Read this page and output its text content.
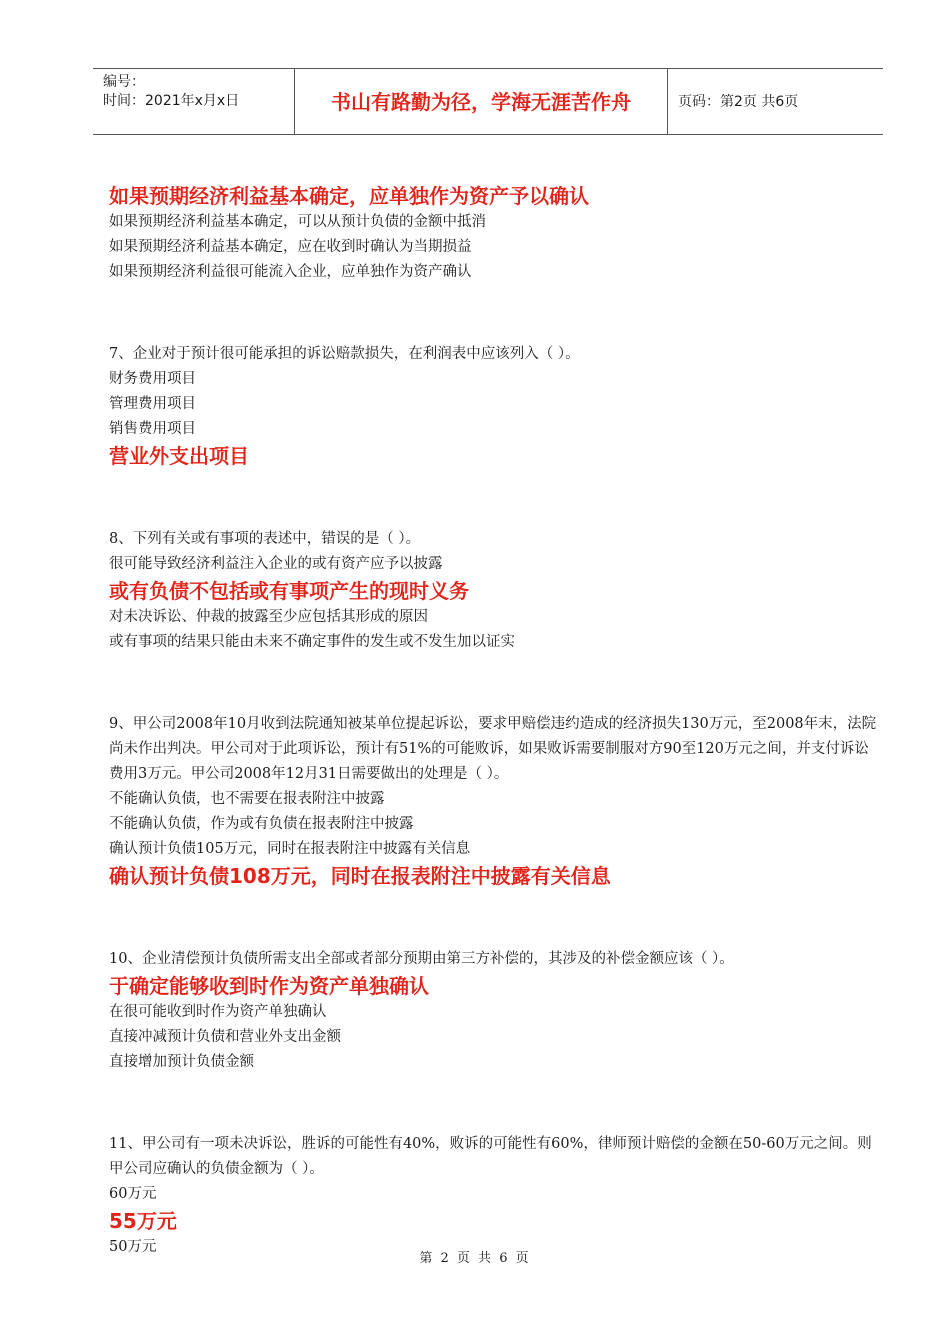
编号：
时间：2021年x月x日	书山有路勤为径，学海无涯苦作舟	页码：第2页 共6页

如果预期经济利益基本确定，应单独作为资产予以确认

如果预期经济利益基本确定，可以从预计负债的金额中抵消

如果预期经济利益基本确定，应在收到时确认为当期损益

如果预期经济利益很可能流入企业，应单独作为资产确认

7、企业对于预计很可能承担的诉讼赔款损失，在利润表中应该列入（ ）。

财务费用项目

管理费用项目

销售费用项目

营业外支出项目

8、下列有关或有事项的表述中，错误的是（ ）。

很可能导致经济利益注入企业的或有资产应予以披露

或有负债不包括或有事项产生的现时义务

对未决诉讼、仲裁的披露至少应包括其形成的原因

或有事项的结果只能由未来不确定事件的发生或不发生加以证实

9、甲公司2008年10月收到法院通知被某单位提起诉讼，要求甲赔偿违约造成的经济损失130万元，至2008年末，法院尚未作出判决。甲公司对于此项诉讼，预计有51%的可能败诉，如果败诉需要制服对方90至120万元之间，并支付诉讼费用3万元。甲公司2008年12月31日需要做出的处理是（ ）。

不能确认负债，也不需要在报表附注中披露

不能确认负债，作为或有负债在报表附注中披露

确认预计负债105万元，同时在报表附注中披露有关信息

确认预计负债108万元，同时在报表附注中披露有关信息

10、企业清偿预计负债所需支出全部或者部分预期由第三方补偿的，其涉及的补偿金额应该（ ）。

于确定能够收到时作为资产单独确认

在很可能收到时作为资产单独确认

直接冲减预计负债和营业外支出金额

直接增加预计负债金额

11、甲公司有一项未决诉讼，胜诉的可能性有40%，败诉的可能性有60%，律师预计赔偿的金额在50-60万元之间。则甲公司应确认的负债金额为（ ）。

60万元

55万元

50万元

第 2 页 共 6 页
